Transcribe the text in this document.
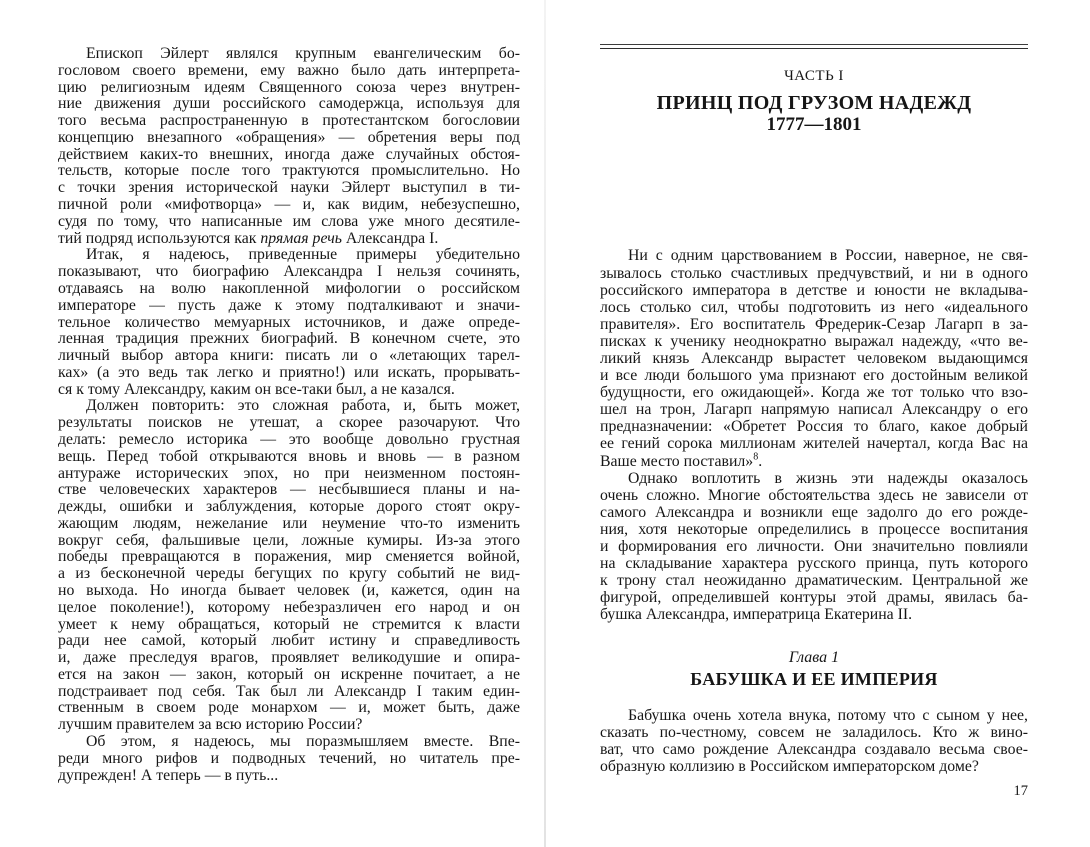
Епископ Эйлерт являлся крупным евангелическим бо-
гословом своего времени, ему важно было дать интерпрета-
цию религиозным идеям Священного союза через внутрен-
ние движения души российского самодержца, используя для
того весьма распространенную в протестантском богословии
концепцию внезапного «обращения» — обретения веры под
действием каких-то внешних, иногда даже случайных обстоя-
тельств, которые после того трактуются промыслительно. Но
с точки зрения исторической науки Эйлерт выступил в ти-
пичной роли «мифотворца» — и, как видим, небезуспешно,
судя по тому, что написанные им слова уже много десятиле-
тий подряд используются как прямая речь Александра I.
Итак, я надеюсь, приведенные примеры убедительно
показывают, что биографию Александра I нельзя сочинять,
отдаваясь на волю накопленной мифологии о российском
императоре — пусть даже к этому подталкивают и значи-
тельное количество мемуарных источников, и даже опреде-
ленная традиция прежних биографий. В конечном счете, это
личный выбор автора книги: писать ли о «летающих тарел-
ках» (а это ведь так легко и приятно!) или искать, прорывать-
ся к тому Александру, каким он все-таки был, а не казался.
Должен повторить: это сложная работа, и, быть может,
результаты поисков не утешат, а скорее разочаруют. Что
делать: ремесло историка — это вообще довольно грустная
вещь. Перед тобой открываются вновь и вновь — в разном
антураже исторических эпох, но при неизменном постоян-
стве человеческих характеров — несбывшиеся планы и на-
дежды, ошибки и заблуждения, которые дорого стоят окру-
жающим людям, нежелание или неумение что-то изменить
вокруг себя, фальшивые цели, ложные кумиры. Из-за этого
победы превращаются в поражения, мир сменяется войной,
а из бесконечной череды бегущих по кругу событий не вид-
но выхода. Но иногда бывает человек (и, кажется, один на
целое поколение!), которому небезразличен его народ и он
умеет к нему обращаться, который не стремится к власти
ради нее самой, который любит истину и справедливость
и, даже преследуя врагов, проявляет великодушие и опира-
ется на закон — закон, который он искренне почитает, а не
подстраивает под себя. Так был ли Александр I таким един-
ственным в своем роде монархом — и, может быть, даже
лучшим правителем за всю историю России?
Об этом, я надеюсь, мы поразмышляем вместе. Впе-
реди много рифов и подводных течений, но читатель пре-
дупрежден! А теперь — в путь...
ЧАСТЬ I
ПРИНЦ ПОД ГРУЗОМ НАДЕЖД
1777—1801
Ни с одним царствованием в России, наверное, не свя-
зывалось столько счастливых предчувствий, и ни в одного
российского императора в детстве и юности не вкладыва-
лось столько сил, чтобы подготовить из него «идеального
правителя». Его воспитатель Фредерик-Сезар Лагарп в за-
писках к ученику неоднократно выражал надежду, «что ве-
ликий князь Александр вырастет человеком выдающимся
и все люди большого ума признают его достойным великой
будущности, его ожидающей». Когда же тот только что взо-
шел на трон, Лагарп напрямую написал Александру о его
предназначении: «Обретет Россия то благо, какое добрый
ее гений сорока миллионам жителей начертал, когда Вас на
Ваше место поставил»$^8$.
Однако воплотить в жизнь эти надежды оказалось
очень сложно. Многие обстоятельства здесь не зависели от
самого Александра и возникли еще задолго до его рожде-
ния, хотя некоторые определились в процессе воспитания
и формирования его личности. Они значительно повлияли
на складывание характера русского принца, путь которого
к трону стал неожиданно драматическим. Центральной же
фигурой, определившей контуры этой драмы, явилась ба-
бушка Александра, императрица Екатерина II.
Глава 1
БАБУШКА И ЕЕ ИМПЕРИЯ
Бабушка очень хотела внука, потому что с сыном у нее,
сказать по-честному, совсем не заладилось. Кто ж вино-
ват, что само рождение Александра создавало весьма свое-
образную коллизию в Российском императорском доме?
17
